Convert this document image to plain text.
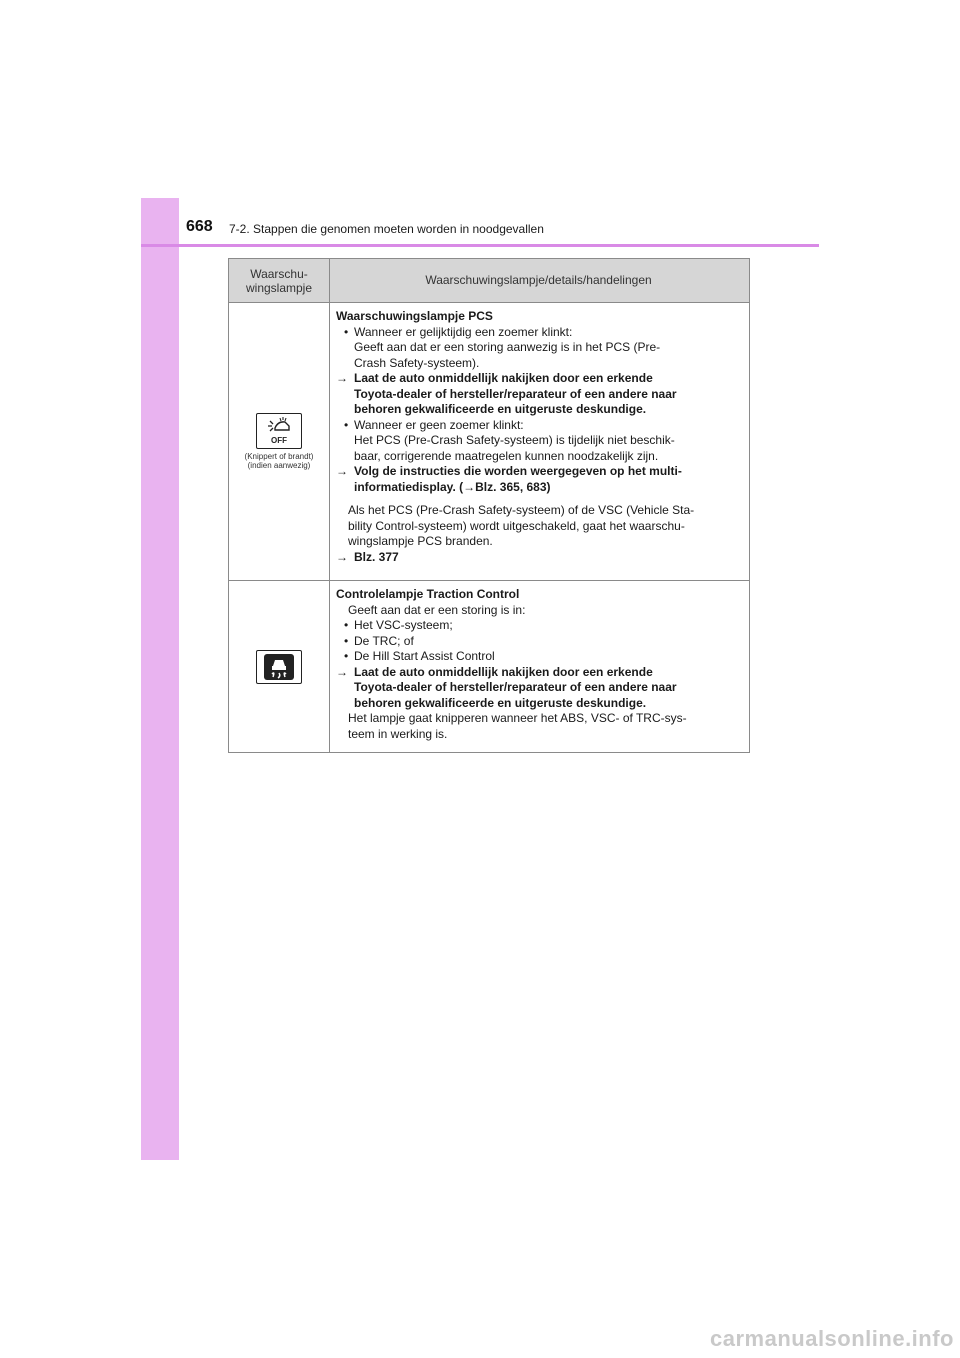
668 7-2. Stappen die genomen moeten worden in noodgevallen
Waarschu-
wingslampje
Waarschuwingslampje/details/handelingen
OFF
(Knippert of brandt)
(indien aanwezig)
Waarschuwingslampje PCS
• Wanneer er gelijktijdig een zoemer klinkt:
Geeft aan dat er een storing aanwezig is in het PCS (Pre-
Crash Safety-systeem).
→ Laat de auto onmiddellijk nakijken door een erkende
Toyota-dealer of hersteller/reparateur of een andere naar
behoren gekwalificeerde en uitgeruste deskundige.
• Wanneer er geen zoemer klinkt:
Het PCS (Pre-Crash Safety-systeem) is tijdelijk niet beschik-
baar, corrigerende maatregelen kunnen noodzakelijk zijn.
→ Volg de instructies die worden weergegeven op het multi-
informatiedisplay. (→Blz. 365, 683)
Als het PCS (Pre-Crash Safety-systeem) of de VSC (Vehicle Sta-
bility Control-systeem) wordt uitgeschakeld, gaat het waarschu-
wingslampje PCS branden.
→ Blz. 377
Controlelampje Traction Control
Geeft aan dat er een storing is in:
• Het VSC-systeem;
• De TRC; of
• De Hill Start Assist Control
→ Laat de auto onmiddellijk nakijken door een erkende
Toyota-dealer of hersteller/reparateur of een andere naar
behoren gekwalificeerde en uitgeruste deskundige.
Het lampje gaat knipperen wanneer het ABS, VSC- of TRC-sys-
teem in werking is.
carmanualsonline.info
